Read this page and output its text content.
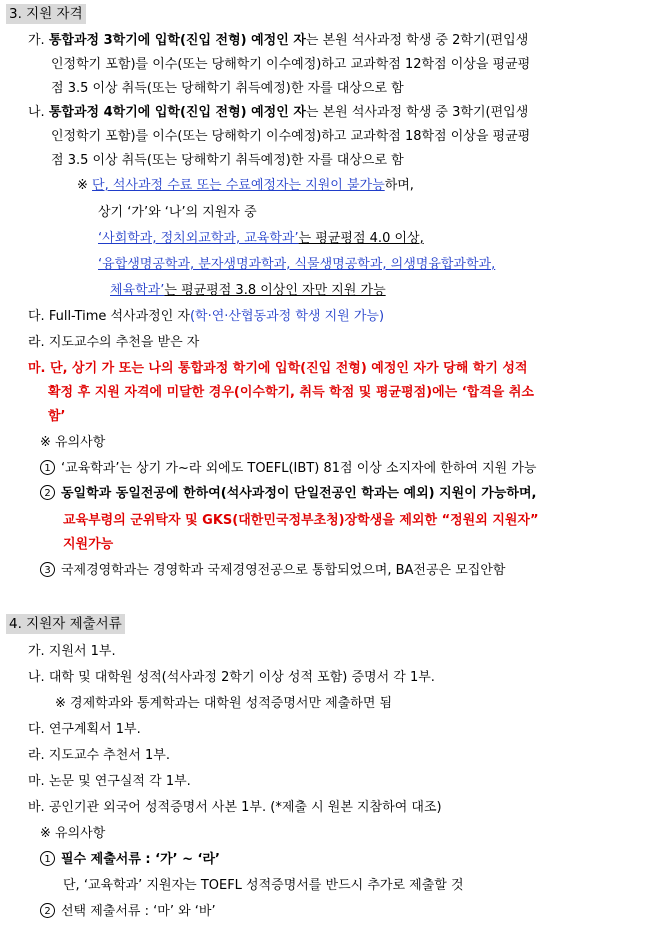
3. 지원 자격
가. 통합과정 3학기에 입학(진입 전형) 예정인 자는 본원 석사과정 학생 중 2학기(편입생
인정학기 포함)를 이수(또는 당해학기 이수예정)하고 교과학점 12학점 이상을 평균평
점 3.5 이상 취득(또는 당해학기 취득예정)한 자를 대상으로 함
나. 통합과정 4학기에 입학(진입 전형) 예정인 자는 본원 석사과정 학생 중 3학기(편입생
인정학기 포함)를 이수(또는 당해학기 이수예정)하고 교과학점 18학점 이상을 평균평
점 3.5 이상 취득(또는 당해학기 취득예정)한 자를 대상으로 함
※ 단, 석사과정 수료 또는 수료예정자는 지원이 불가능하며,
상기 ‘가’와 ‘나’의 지원자 중
‘사회학과, 정치외교학과, 교육학과’는 평균평점 4.0 이상,
‘융합생명공학과, 분자생명과학과, 식물생명공학과, 의생명융합과학과,
체육학과’는 평균평점 3.8 이상인 자만 지원 가능
다. Full-Time 석사과정인 자(학·연·산협동과정 학생 지원 가능)
라. 지도교수의 추천을 받은 자
마. 단, 상기 가 또는 나의 통합과정 학기에 입학(진입 전형) 예정인 자가 당해 학기 성적
확정 후 지원 자격에 미달한 경우(이수학기, 취득 학점 및 평균평점)에는 ‘합격을 취소
함’
※ 유의사항
1 ‘교육학과’는 상기 가~라 외에도 TOEFL(IBT) 81점 이상 소지자에 한하여 지원 가능
2 동일학과 동일전공에 한하여(석사과정이 단일전공인 학과는 예외) 지원이 가능하며,
교육부령의 군위탁자 및 GKS(대한민국정부초청)장학생을 제외한 “정원외 지원자”
지원가능
3 국제경영학과는 경영학과 국제경영전공으로 통합되었으며, BA전공은 모집안함
4. 지원자 제출서류
가. 지원서 1부.
나. 대학 및 대학원 성적(석사과정 2학기 이상 성적 포함) 증명서 각 1부.
※ 경제학과와 통계학과는 대학원 성적증명서만 제출하면 됨
다. 연구계획서 1부.
라. 지도교수 추천서 1부.
마. 논문 및 연구실적 각 1부.
바. 공인기관 외국어 성적증명서 사본 1부. (*제출 시 원본 지참하여 대조)
※ 유의사항
1 필수 제출서류 : ‘가’ ~ ‘라’
단, ‘교육학과’ 지원자는 TOEFL 성적증명서를 반드시 추가로 제출할 것
2 선택 제출서류 : ‘마’ 와 ‘바’
